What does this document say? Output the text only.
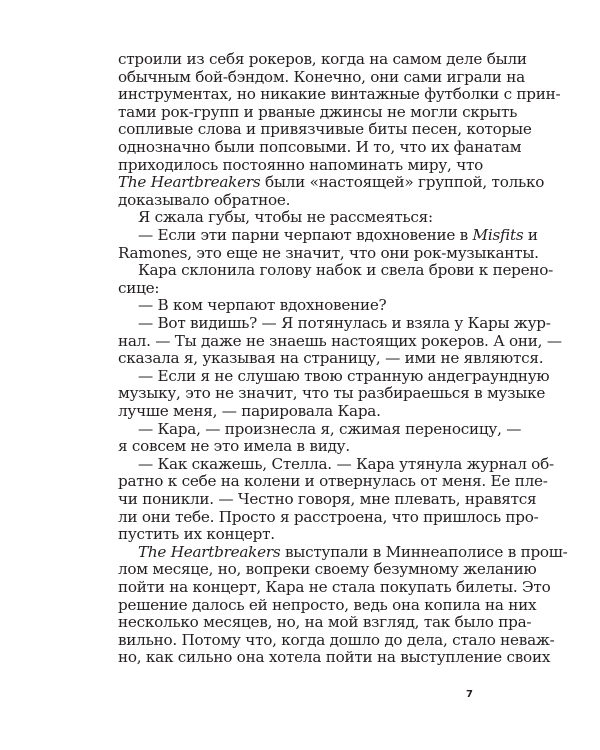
строили из себя рокеров, когда на самом деле были
обычным бой-бэндом. Конечно, они сами играли на
инструментах, но никакие винтажные футболки с прин-
тами рок-групп и рваные джинсы не могли скрыть
сопливые слова и привязчивые биты песен, которые
однозначно были попсовыми. И то, что их фанатам
приходилось постоянно напоминать миру, что
The Heartbreakers были «настоящей» группой, только
доказывало обратное.
Я сжала губы, чтобы не рассмеяться:
— Если эти парни черпают вдохновение в Misfits и
Ramones, это еще не значит, что они рок-музыканты.
Кара склонила голову набок и свела брови к перено-
сице:
— В ком черпают вдохновение?
— Вот видишь? — Я потянулась и взяла у Кары жур-
нал. — Ты даже не знаешь настоящих рокеров. А они, —
сказала я, указывая на страницу, — ими не являются.
— Если я не слушаю твою странную андеграундную
музыку, это не значит, что ты разбираешься в музыке
лучше меня, — парировала Кара.
— Кара, — произнесла я, сжимая переносицу, —
я совсем не это имела в виду.
— Как скажешь, Стелла. — Кара утянула журнал об-
ратно к себе на колени и отвернулась от меня. Ее пле-
чи поникли. — Честно говоря, мне плевать, нравятся
ли они тебе. Просто я расстроена, что пришлось про-
пустить их концерт.
The Heartbreakers выступали в Миннеаполисе в прош-
лом месяце, но, вопреки своему безумному желанию
пойти на концерт, Кара не стала покупать билеты. Это
решение далось ей непросто, ведь она копила на них
несколько месяцев, но, на мой взгляд, так было пра-
вильно. Потому что, когда дошло до дела, стало неваж-
но, как сильно она хотела пойти на выступление своих
7
